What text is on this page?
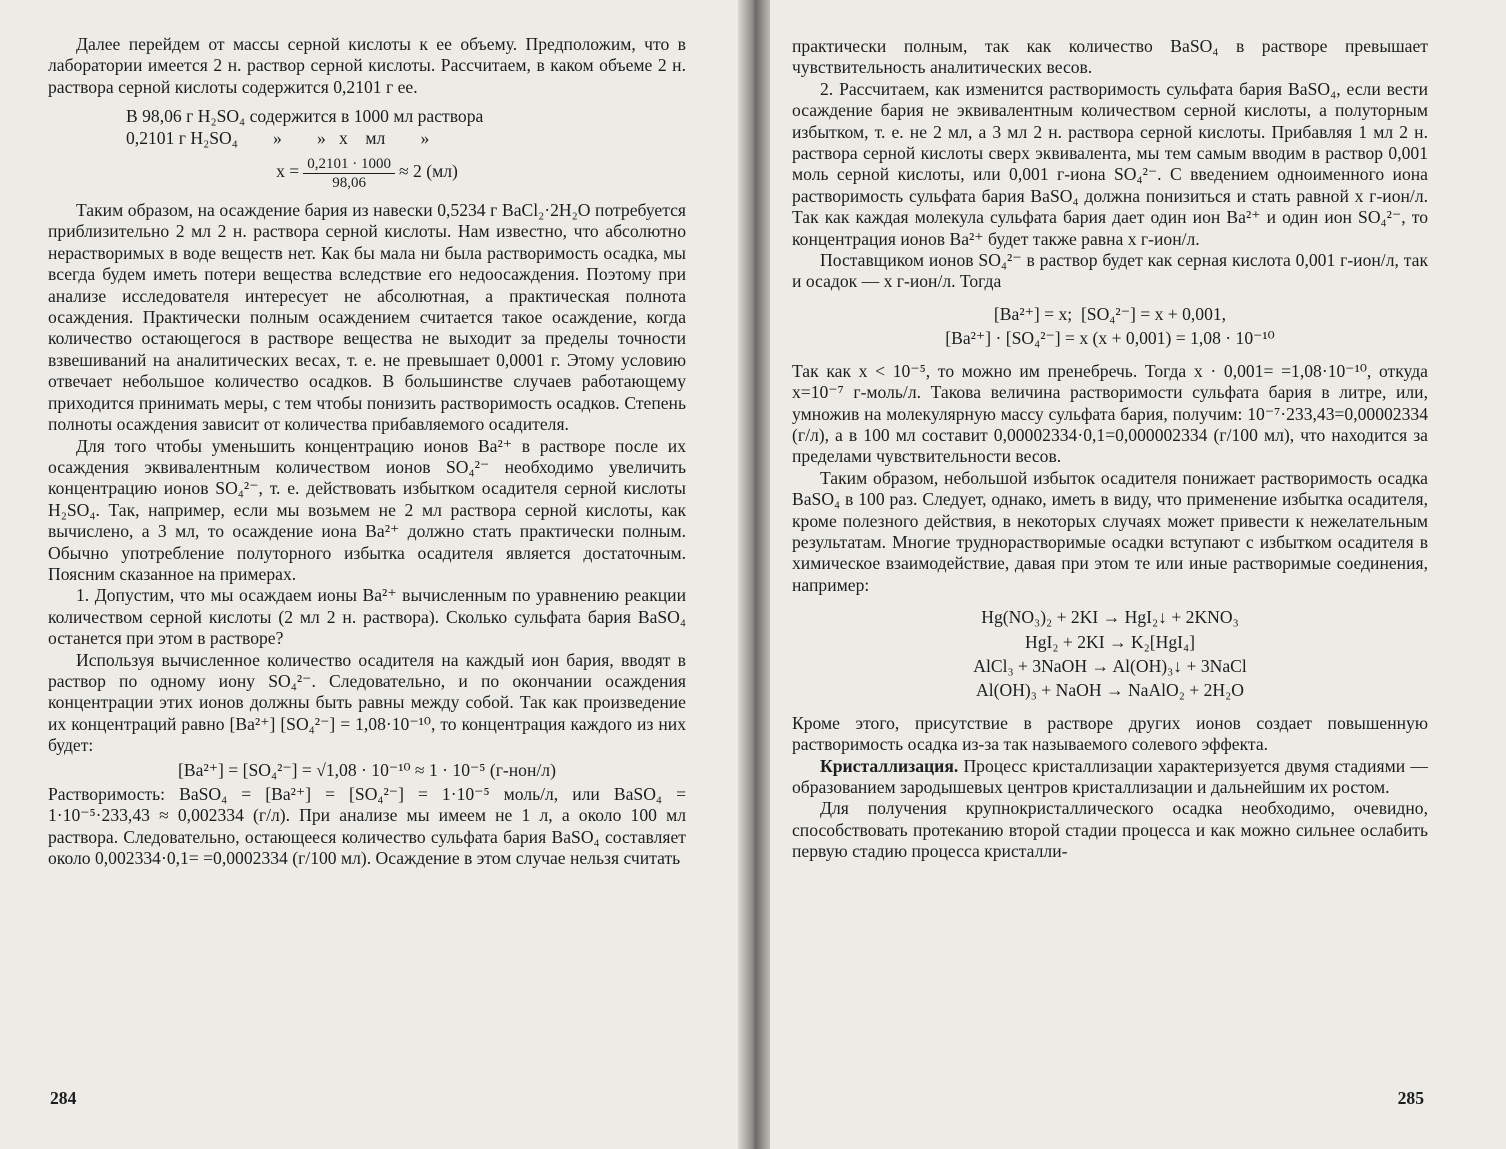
Далее перейдем от массы серной кислоты к ее объему. Предположим, что в лаборатории имеется 2 н. раствор серной кислоты. Рассчитаем, в каком объеме 2 н. раствора серной кислоты содержится 0,2101 г ее.

В 98,06 г H₂SO₄ содержится в 1000 мл раствора

0,2101 г H₂SO₄        »        »   x    мл        »

$x = \frac{0,2101 \cdot 1000}{98,06} \approx 2$ (мл)

Таким образом, на осаждение бария из навески 0,5234 г BaCl₂·2H₂O потребуется приблизительно 2 мл 2 н. раствора серной кислоты. Нам известно, что абсолютно нерастворимых в воде веществ нет. Как бы мала ни была растворимость осадка, мы всегда будем иметь потери вещества вследствие его недоосаждения. Поэтому при анализе исследователя интересует не абсолютная, а практическая полнота осаждения. Практически полным осаждением считается такое осаждение, когда количество остающегося в растворе вещества не выходит за пределы точности взвешиваний на аналитических весах, т. е. не превышает 0,0001 г. Этому условию отвечает небольшое количество осадков. В большинстве случаев работающему приходится принимать меры, с тем чтобы понизить растворимость осадков. Степень полноты осаждения зависит от количества прибавляемого осадителя.

Для того чтобы уменьшить концентрацию ионов Ba²⁺ в растворе после их осаждения эквивалентным количеством ионов SO₄²⁻ необходимо увеличить концентрацию ионов SO₄²⁻, т. е. действовать избытком осадителя серной кислоты H₂SO₄. Так, например, если мы возьмем не 2 мл раствора серной кислоты, как вычислено, а 3 мл, то осаждение иона Ba²⁺ должно стать практически полным. Обычно употребление полуторного избытка осадителя является достаточным. Поясним сказанное на примерах.

1. Допустим, что мы осаждаем ионы Ba²⁺ вычисленным по уравнению реакции количеством серной кислоты (2 мл 2 н. раствора). Сколько сульфата бария BaSO₄ останется при этом в растворе?

Используя вычисленное количество осадителя на каждый ион бария, вводят в раствор по одному иону SO₄²⁻. Следовательно, и по окончании осаждения концентрации этих ионов должны быть равны между собой. Так как произведение их концентраций равно [Ba²⁺] [SO₄²⁻] = 1,08·10⁻¹⁰, то концентрация каждого из них будет:

[Ba²⁺] = [SO₄²⁻] = √1,08 · 10⁻¹⁰ ≈ 1 · 10⁻⁵ (г-нон/л)

Растворимость: BaSO₄ = [Ba²⁺] = [SO₄²⁻] = 1·10⁻⁵ моль/л, или BaSO₄ = 1·10⁻⁵·233,43 ≈ 0,002334 (г/л). При анализе мы имеем не 1 л, а около 100 мл раствора. Следовательно, остающееся количество сульфата бария BaSO₄ составляет около 0,002334·0,1= =0,0002334 (г/100 мл). Осаждение в этом случае нельзя считать

284

практически полным, так как количество BaSO₄ в растворе превышает чувствительность аналитических весов.

2. Рассчитаем, как изменится растворимость сульфата бария BaSO₄, если вести осаждение бария не эквивалентным количеством серной кислоты, а полуторным избытком, т. е. не 2 мл, а 3 мл 2 н. раствора серной кислоты. Прибавляя 1 мл 2 н. раствора серной кислоты сверх эквивалента, мы тем самым вводим в раствор 0,001 моль серной кислоты, или 0,001 г-иона SO₄²⁻. С введением одноименного иона растворимость сульфата бария BaSO₄ должна понизиться и стать равной x г-ион/л. Так как каждая молекула сульфата бария дает один ион Ba²⁺ и один ион SO₄²⁻, то концентрация ионов Ba²⁺ будет также равна x г-ион/л.

Поставщиком ионов SO₄²⁻ в раствор будет как серная кислота 0,001 г-ион/л, так и осадок — x г-ион/л. Тогда

[Ba²⁺] = x;  [SO₄²⁻] = x + 0,001,

[Ba²⁺] · [SO₄²⁻] = x (x + 0,001) = 1,08 · 10⁻¹⁰

Так как x < 10⁻⁵, то можно им пренебречь. Тогда x · 0,001= =1,08·10⁻¹⁰, откуда x=10⁻⁷ г-моль/л. Такова величина растворимости сульфата бария в литре, или, умножив на молекулярную массу сульфата бария, получим: 10⁻⁷·233,43=0,00002334 (г/л), а в 100 мл составит 0,00002334·0,1=0,000002334 (г/100 мл), что находится за пределами чувствительности весов.

Таким образом, небольшой избыток осадителя понижает растворимость осадка BaSO₄ в 100 раз. Следует, однако, иметь в виду, что применение избытка осадителя, кроме полезного действия, в некоторых случаях может привести к нежелательным результатам. Многие труднорастворимые осадки вступают с избытком осадителя в химическое взаимодействие, давая при этом те или иные растворимые соединения, например:

Hg(NO₃)₂ + 2KI → HgI₂↓ + 2KNO₃

HgI₂ + 2KI → K₂[HgI₄]

AlCl₃ + 3NaOH → Al(OH)₃↓ + 3NaCl

Al(OH)₃ + NaOH → NaAlO₂ + 2H₂O

Кроме этого, присутствие в растворе других ионов создает повышенную растворимость осадка из-за так называемого солевого эффекта.

Кристаллизация. Процесс кристаллизации характеризуется двумя стадиями — образованием зародышевых центров кристаллизации и дальнейшим их ростом.

Для получения крупнокристаллического осадка необходимо, очевидно, способствовать протеканию второй стадии процесса и как можно сильнее ослабить первую стадию процесса кристалли-

285
